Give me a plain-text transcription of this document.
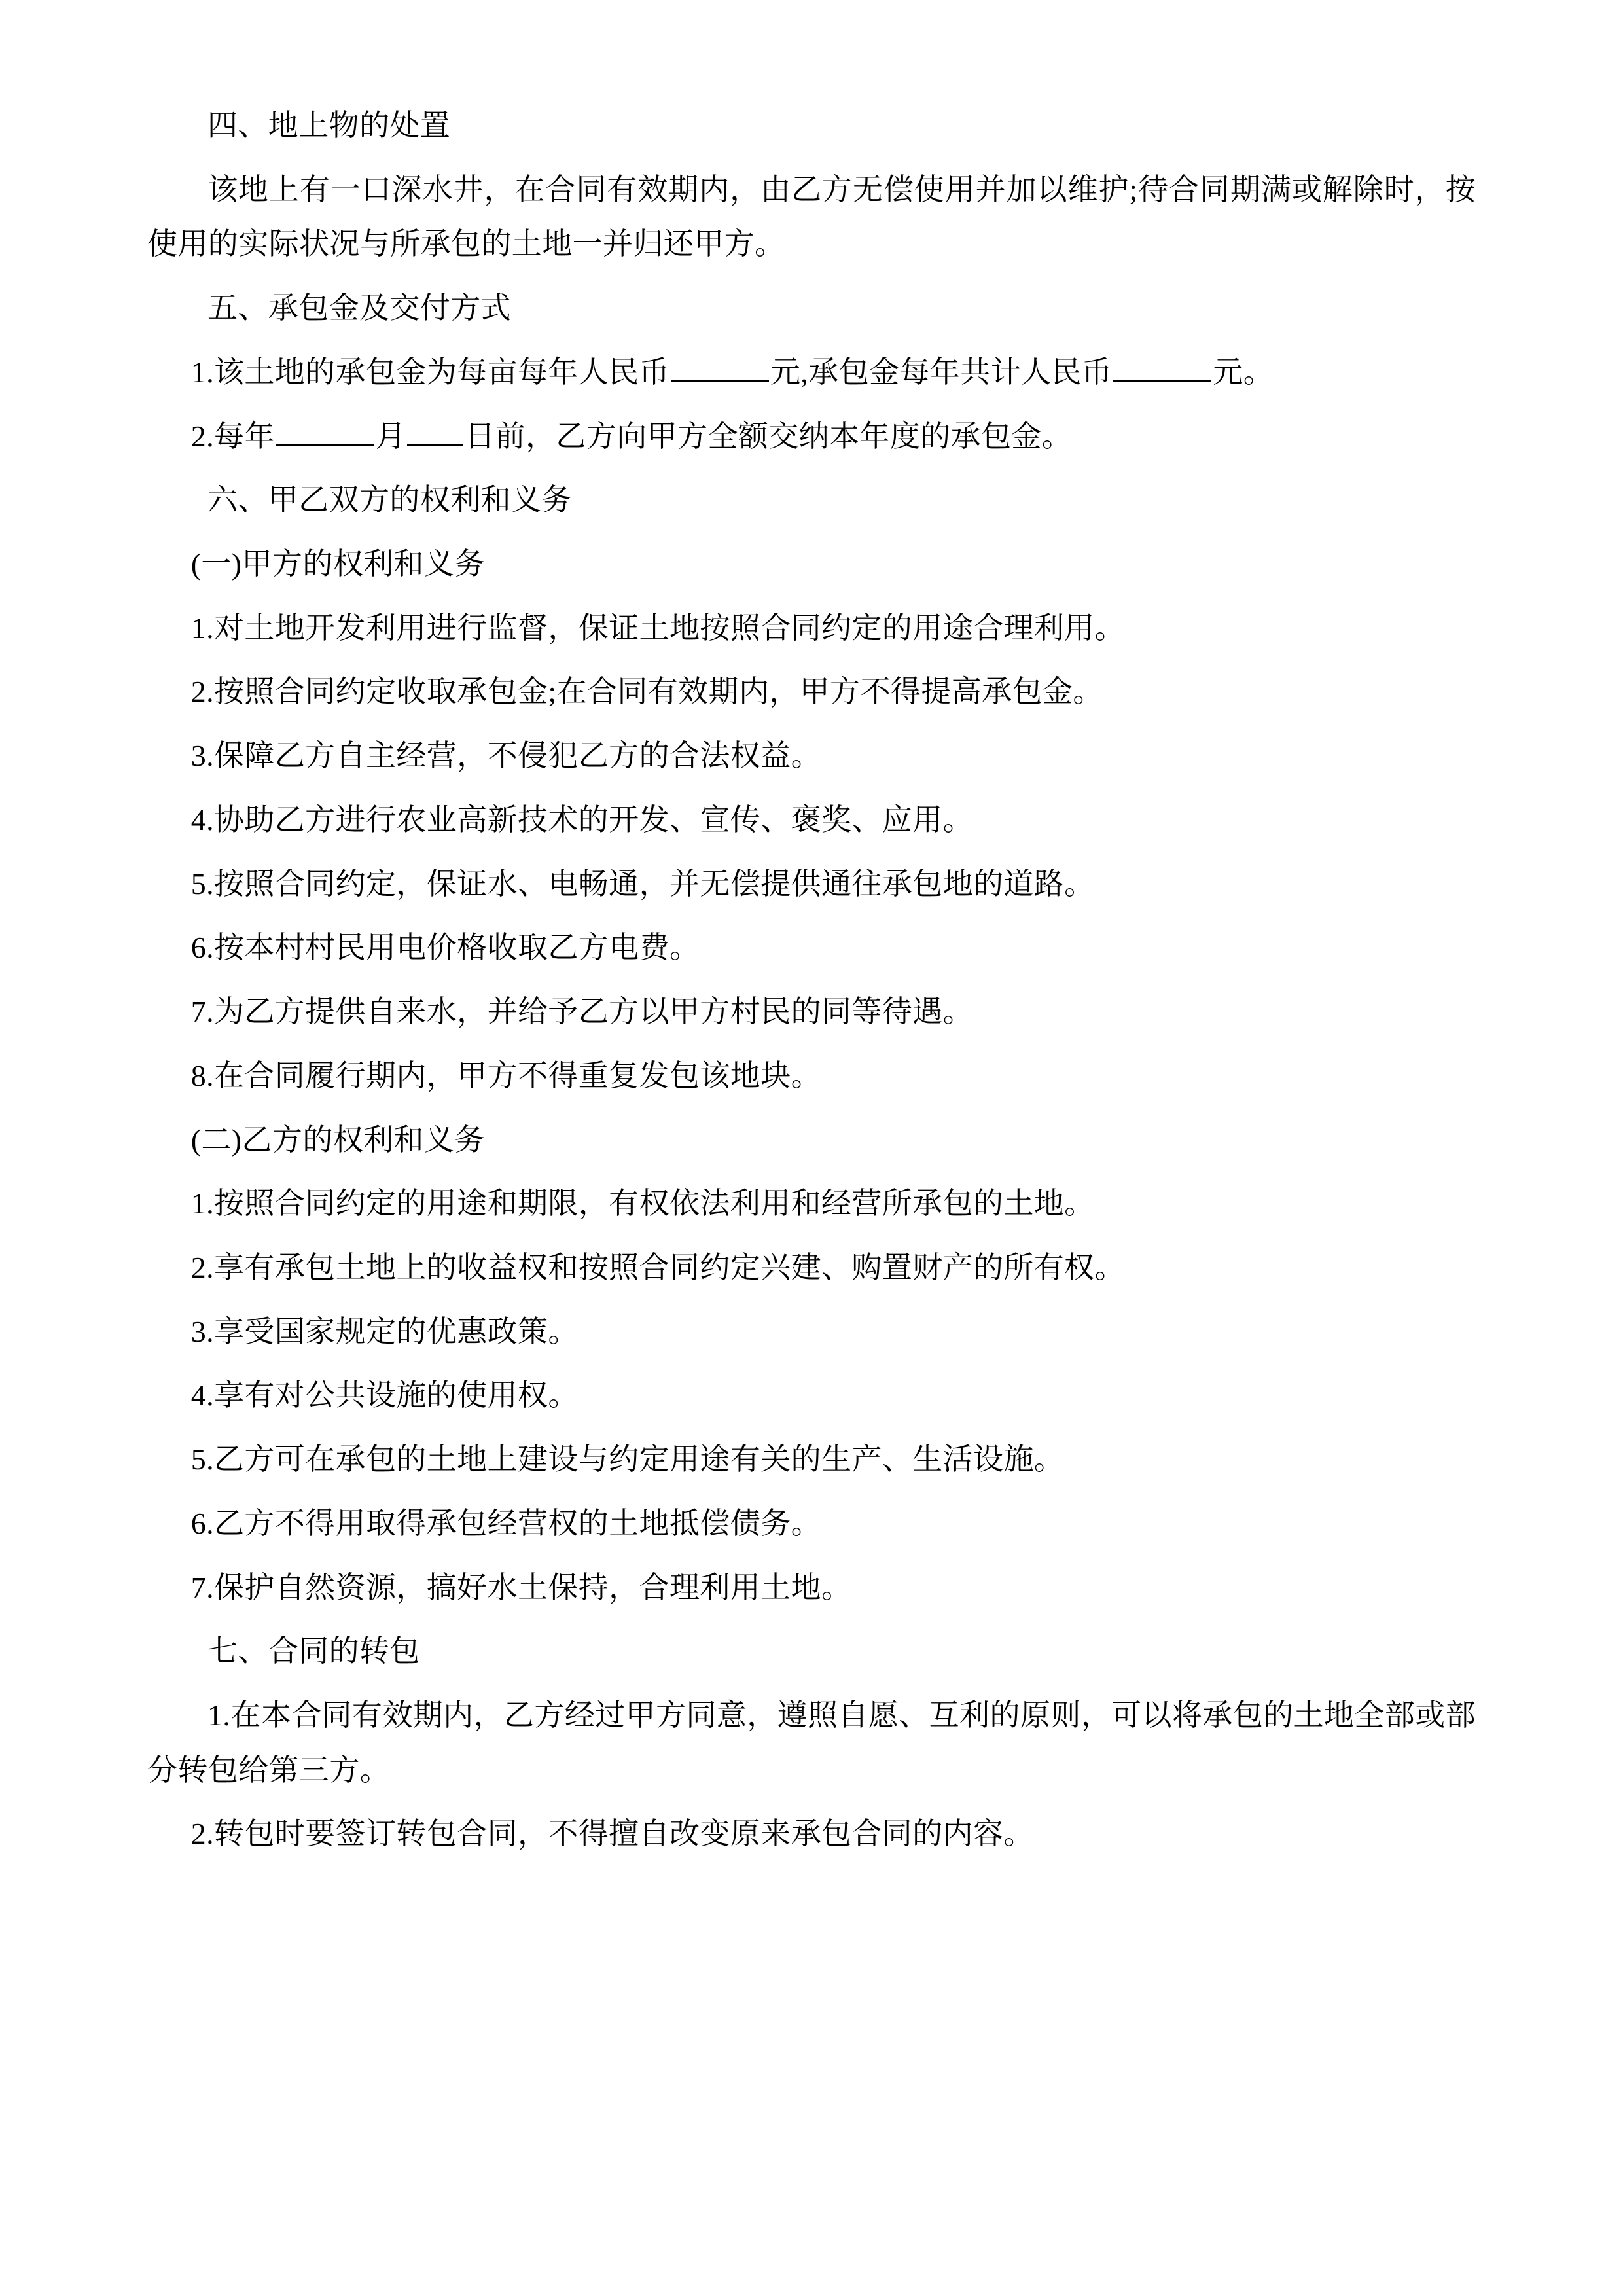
四、地上物的处置

该地上有一口深水井，在合同有效期内，由乙方无偿使用并加以维护;待合同期满或解除时，按使用的实际状况与所承包的土地一并归还甲方。

五、承包金及交付方式

1.该土地的承包金为每亩每年人民币	元,承包金每年共计人民币	元。

2.每年	月 日前，乙方向甲方全额交纳本年度的承包金。

六、甲乙双方的权利和义务

(一)甲方的权利和义务

1.对土地开发利用进行监督，保证土地按照合同约定的用途合理利用。

2.按照合同约定收取承包金;在合同有效期内，甲方不得提高承包金。

3.保障乙方自主经营，不侵犯乙方的合法权益。

4.协助乙方进行农业高新技术的开发、宣传、褒奖、应用。

5.按照合同约定，保证水、电畅通，并无偿提供通往承包地的道路。

6.按本村村民用电价格收取乙方电费。

7.为乙方提供自来水，并给予乙方以甲方村民的同等待遇。

8.在合同履行期内，甲方不得重复发包该地块。

(二)乙方的权利和义务

1.按照合同约定的用途和期限，有权依法利用和经营所承包的土地。

2.享有承包土地上的收益权和按照合同约定兴建、购置财产的所有权。

3.享受国家规定的优惠政策。

4.享有对公共设施的使用权。

5.乙方可在承包的土地上建设与约定用途有关的生产、生活设施。

6.乙方不得用取得承包经营权的土地抵偿债务。

7.保护自然资源，搞好水土保持，合理利用土地。

七、合同的转包

1.在本合同有效期内，乙方经过甲方同意，遵照自愿、互利的原则，可以将承包的土地全部或部分转包给第三方。

2.转包时要签订转包合同，不得擅自改变原来承包合同的内容。
